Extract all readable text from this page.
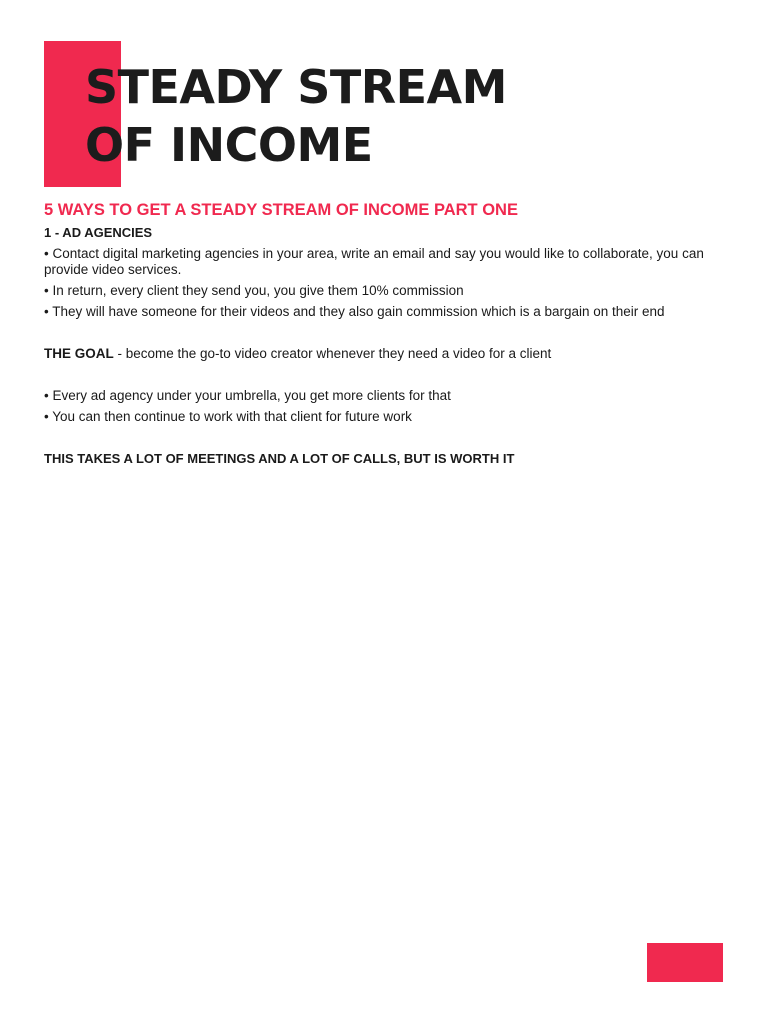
STEADY STREAM
OF INCOME

5 WAYS TO GET A STEADY STREAM OF INCOME PART ONE

1 - AD AGENCIES

• Contact digital marketing agencies in your area, write an email and say you would like to collaborate, you can provide video services.

• In return, every client they send you, you give them 10% commission

• They will have someone for their videos and they also gain commission which is a bargain on their end

THE GOAL - become the go-to video creator whenever they need a video for a client

• Every ad agency under your umbrella, you get more clients for that

• You can then continue to work with that client for future work

THIS TAKES A LOT OF MEETINGS AND A LOT OF CALLS, BUT IS WORTH IT
